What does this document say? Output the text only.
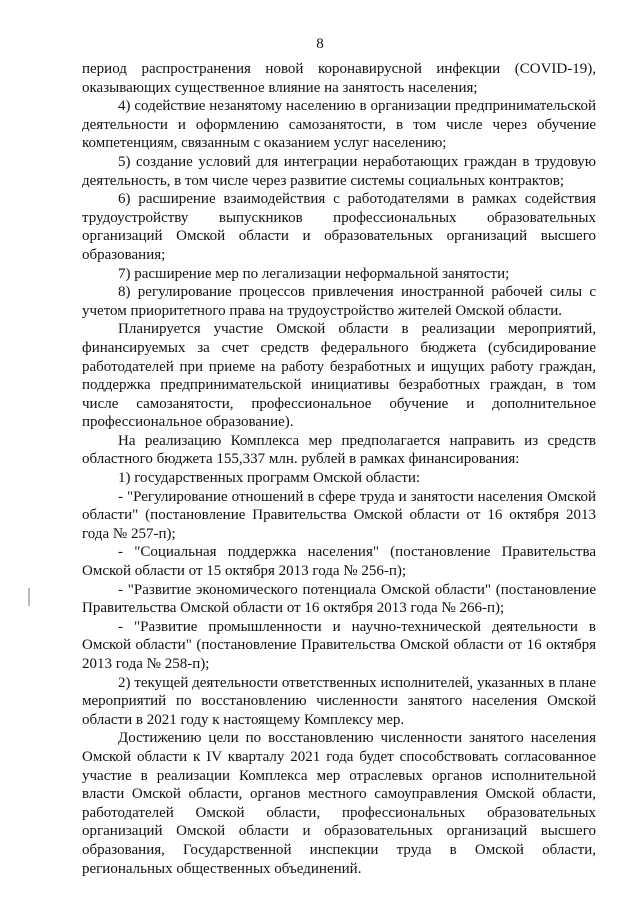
8

период распространения новой коронавирусной инфекции (COVID-19), оказывающих существенное влияние на занятость населения;

4) содействие незанятому населению в организации предпринимательской деятельности и оформлению самозанятости, в том числе через обучение компетенциям, связанным с оказанием услуг населению;

5) создание условий для интеграции неработающих граждан в трудовую деятельность, в том числе через развитие системы социальных контрактов;

6) расширение взаимодействия с работодателями в рамках содействия трудоустройству выпускников профессиональных образовательных организаций Омской области и образовательных организаций высшего образования;

7) расширение мер по легализации неформальной занятости;

8) регулирование процессов привлечения иностранной рабочей силы с учетом приоритетного права на трудоустройство жителей Омской области.

Планируется участие Омской области в реализации мероприятий, финансируемых за счет средств федерального бюджета (субсидирование работодателей при приеме на работу безработных и ищущих работу граждан, поддержка предпринимательской инициативы безработных граждан, в том числе самозанятости, профессиональное обучение и дополнительное профессиональное образование).

На реализацию Комплекса мер предполагается направить из средств областного бюджета 155,337 млн. рублей в рамках финансирования:

1) государственных программ Омской области:

- "Регулирование отношений в сфере труда и занятости населения Омской области" (постановление Правительства Омской области от 16 октября 2013 года № 257-п);

- "Социальная поддержка населения" (постановление Правительства Омской области от 15 октября 2013 года № 256-п);

- "Развитие экономического потенциала Омской области" (постановление Правительства Омской области от 16 октября 2013 года № 266-п);

- "Развитие промышленности и научно-технической деятельности в Омской области" (постановление Правительства Омской области от 16 октября 2013 года № 258-п);

2) текущей деятельности ответственных исполнителей, указанных в плане мероприятий по восстановлению численности занятого населения Омской области в 2021 году к настоящему Комплексу мер.

Достижению цели по восстановлению численности занятого населения Омской области к IV кварталу 2021 года будет способствовать согласованное участие в реализации Комплекса мер отраслевых органов исполнительной власти Омской области, органов местного самоуправления Омской области, работодателей Омской области, профессиональных образовательных организаций Омской области и образовательных организаций высшего образования, Государственной инспекции труда в Омской области, региональных общественных объединений.
